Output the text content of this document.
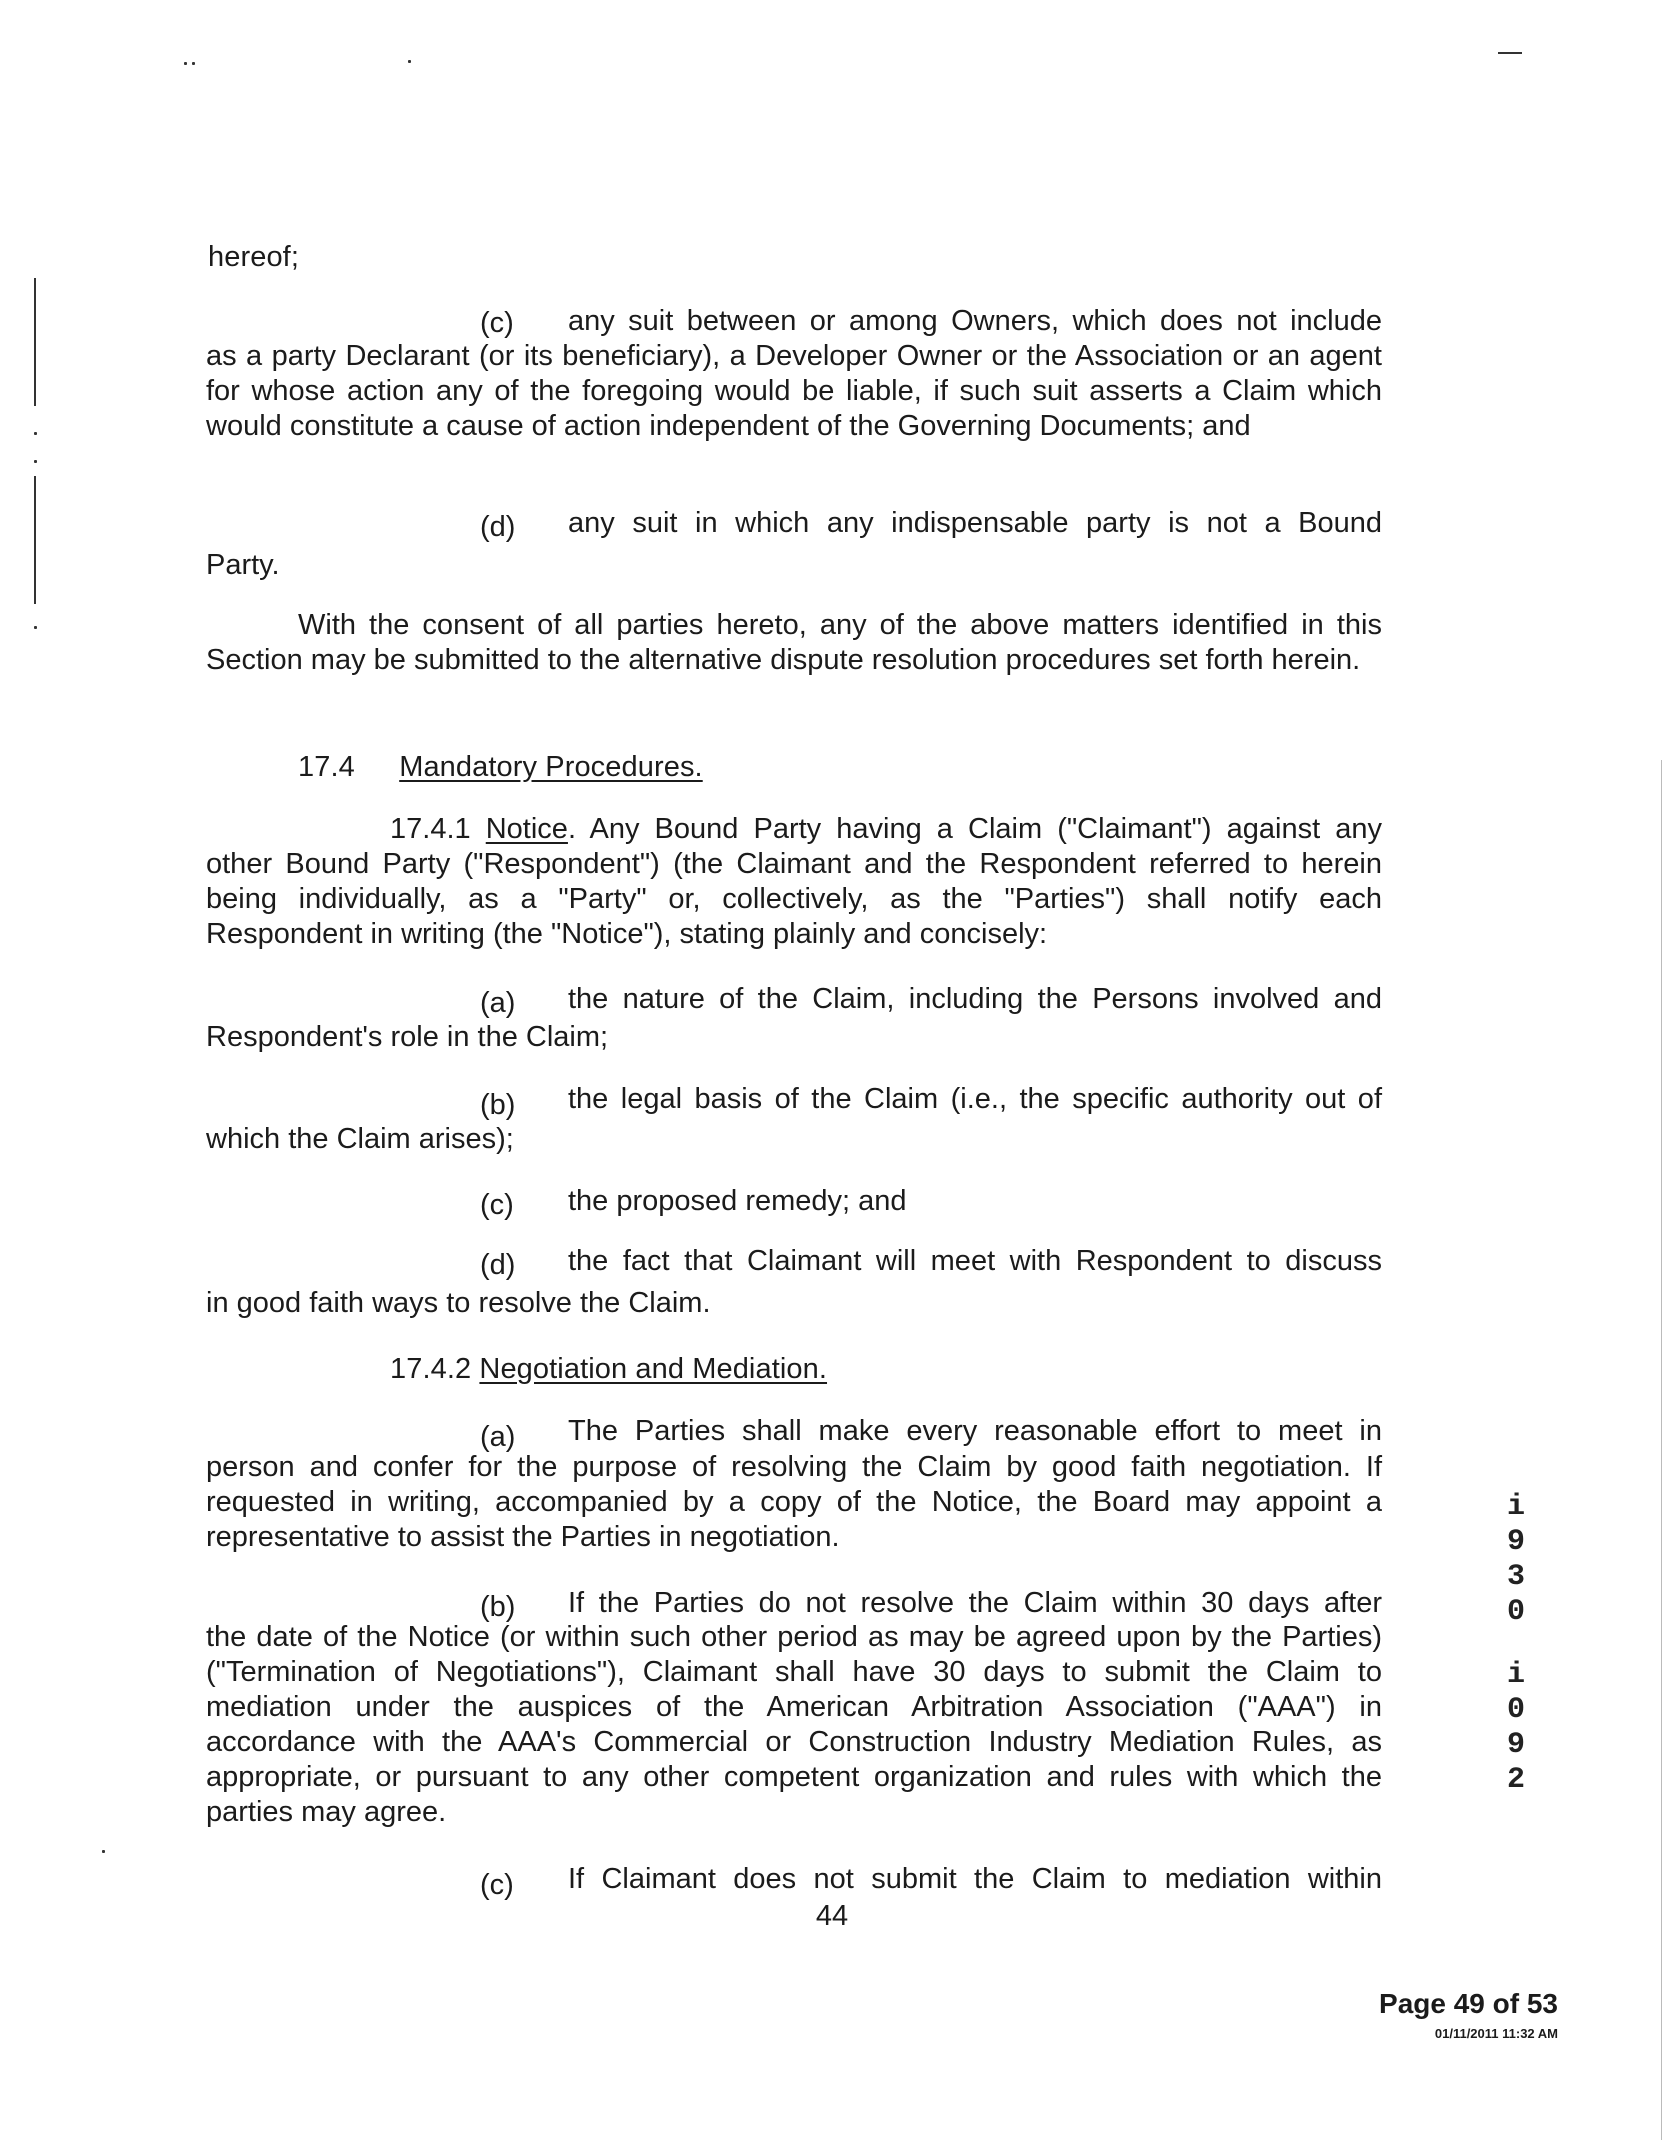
hereof;
(c) any suit between or among Owners, which does not include
as a party Declarant (or its beneficiary), a Developer Owner or the Association or an agent for whose action any of the foregoing would be liable, if such suit asserts a Claim which would constitute a cause of action independent of the Governing Documents; and
(d) any suit in which any indispensable party is not a Bound
Party.
With the consent of all parties hereto, any of the above matters identified in this Section may be submitted to the alternative dispute resolution procedures set forth herein.
17.4 Mandatory Procedures.
17.4.1 Notice. Any Bound Party having a Claim ("Claimant") against any other Bound Party ("Respondent") (the Claimant and the Respondent referred to herein being individually, as a "Party" or, collectively, as the "Parties") shall notify each Respondent in writing (the "Notice"), stating plainly and concisely:
(a) the nature of the Claim, including the Persons involved and
Respondent's role in the Claim;
(b) the legal basis of the Claim (i.e., the specific authority out of
which the Claim arises);
(c) the proposed remedy; and
(d) the fact that Claimant will meet with Respondent to discuss
in good faith ways to resolve the Claim.
17.4.2 Negotiation and Mediation.
(a) The Parties shall make every reasonable effort to meet in
person and confer for the purpose of resolving the Claim by good faith negotiation. If requested in writing, accompanied by a copy of the Notice, the Board may appoint a representative to assist the Parties in negotiation.
(b) If the Parties do not resolve the Claim within 30 days after
the date of the Notice (or within such other period as may be agreed upon by the Parties) ("Termination of Negotiations"), Claimant shall have 30 days to submit the Claim to mediation under the auspices of the American Arbitration Association ("AAA") in accordance with the AAA's Commercial or Construction Industry Mediation Rules, as appropriate, or pursuant to any other competent organization and rules with which the parties may agree.
(c) If Claimant does not submit the Claim to mediation within
i
9
3
0
i
0
9
2
44
Page 49 of 53
01/11/2011 11:32 AM
